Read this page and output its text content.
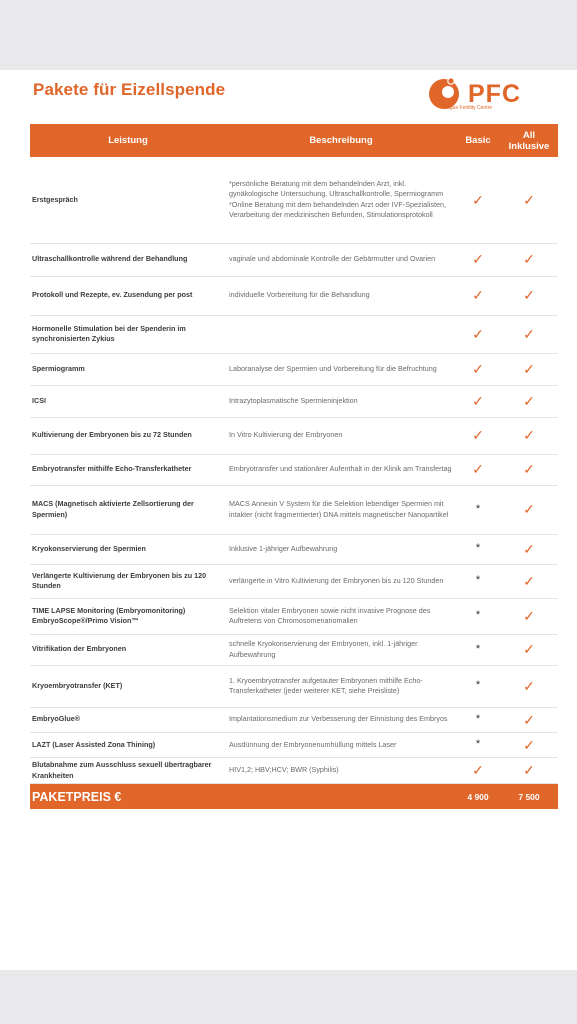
Pakete für Eizellspende	PFC
Prague Fertility Centre
Leistung	Beschreibung	Basic	All Inklusive
Erstgespräch	*persönliche Beratung mit dem behandelnden Arzt, inkl. gynäkologische Untersuchung, Ultraschallkontrolle, Spermiogramm *Online Beratung mit dem behandelnden Arzt oder IVF-Spezialisten, Verarbeitung der medizinischen Befunden, Stimulationsprotokoll	✓	✓
Ultraschallkontrolle während der Behandlung	vaginale und abdominale Kontrolle der Gebärmutter und Ovarien	✓	✓
Protokoll und Rezepte, ev. Zusendung per post	individuelle Vorbereitung für die Behandlung	✓	✓
Hormonelle Stimulation bei der Spenderin im synchronisierten Zykius		✓	✓
Spermiogramm	Laboranalyse der Spermien und Vorbereitung für die Befruchtung	✓	✓
ICSI	Intrazytoplasmatische Spermieninjektion	✓	✓
Kultivierung der Embryonen bis zu 72 Stunden	In Vitro Kultivierung der Embryonen	✓	✓
Embryotransfer mithilfe Echo-Transferkatheter	Embryotransfer und stationärer Aufenthalt in der Klinik am Transfertag	✓	✓
MACS (Magnetisch aktivierte Zellsortierung der Spermien)	MACS Annexin V System für die Selektion lebendiger Spermien mit intakter (nicht fragmentierter) DNA mittels magnetischer Nanopartikel	*	✓
Kryokonservierung der Spermien	Inklusive 1-jähriger Aufbewahrung	*	✓
Verlängerte Kultivierung der Embryonen bis zu 120 Stunden	verlängerte in Vitro Kultivierung der Embryonen bis zu 120 Stunden	*	✓
TIME LAPSE Monitoring (Embryomonitoring) EmbryoScope®/Primo Vision™	Selektion vitaler Embryonen sowie nicht invasive Prognose des Auftretens von Chromosomenanomalien	*	✓
Vitrifikation der Embryonen	schnelle Kryokonservierung der Embryonen, inkl. 1-jähriger Aufbewahrung	*	✓
Kryoembryotransfer (KET)	1. Kryoembryotransfer aufgetauter Embryonen mithilfe Echo-Transferkatheter (jeder weiterer KET, siehe Preisliste)	*	✓
EmbryoGlue®	Implantationsmedium zur Verbesserung der Einnistung des Embryos	*	✓
LAZT (Laser Assisted Zona Thining)	Ausdünnung der Embryonenumhüllung mittels Laser	*	✓
Blutabnahme zum Ausschluss sexuell übertragbarer Krankheiten	HIV1,2; HBV;HCV; BWR (Syphilis)	✓	✓
PAKETPREIS €		4 900	7 500
